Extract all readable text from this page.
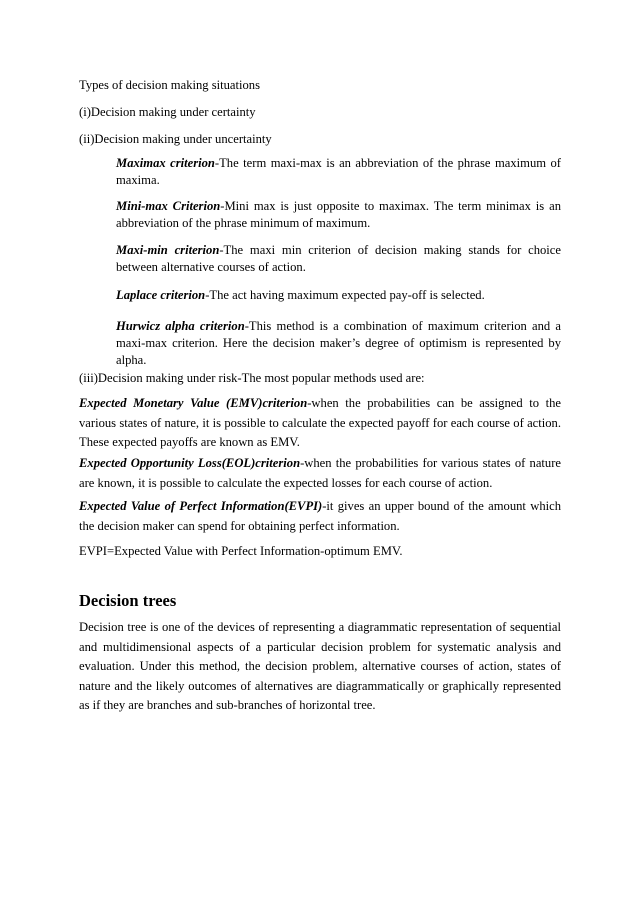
Types of decision making situations
(i)Decision making under certainty
(ii)Decision making under uncertainty
Maximax criterion-The term maxi-max is an abbreviation of the phrase maximum of maxima.
Mini-max Criterion-Mini max is just opposite to maximax. The term minimax is an abbreviation of the phrase minimum of maximum.
Maxi-min criterion-The maxi min criterion of decision making stands for choice between alternative courses of action.
Laplace criterion-The act having maximum expected pay-off is selected.
Hurwicz alpha criterion-This method is a combination of maximum criterion and a maxi-max criterion. Here the decision maker’s degree of optimism is represented by alpha.
(iii)Decision making under risk-The most popular methods used are:
Expected Monetary Value (EMV)criterion-when the probabilities can be assigned to the various states of nature, it is possible to calculate the expected payoff for each course of action. These expected payoffs are known as EMV.
Expected Opportunity Loss(EOL)criterion-when the probabilities for various states of nature are known, it is possible to calculate the expected losses for each course of action.
Expected Value of Perfect Information(EVPI)-it gives an upper bound of the amount which the decision maker can spend for obtaining perfect information.
EVPI=Expected Value with Perfect Information-optimum EMV.
Decision trees
Decision tree is one of the devices of representing a diagrammatic representation of sequential and multidimensional aspects of a particular decision problem for systematic analysis and evaluation. Under this method, the decision problem, alternative courses of action, states of nature and the likely outcomes of alternatives are diagrammatically or graphically represented as if they are branches and sub-branches of horizontal tree.
